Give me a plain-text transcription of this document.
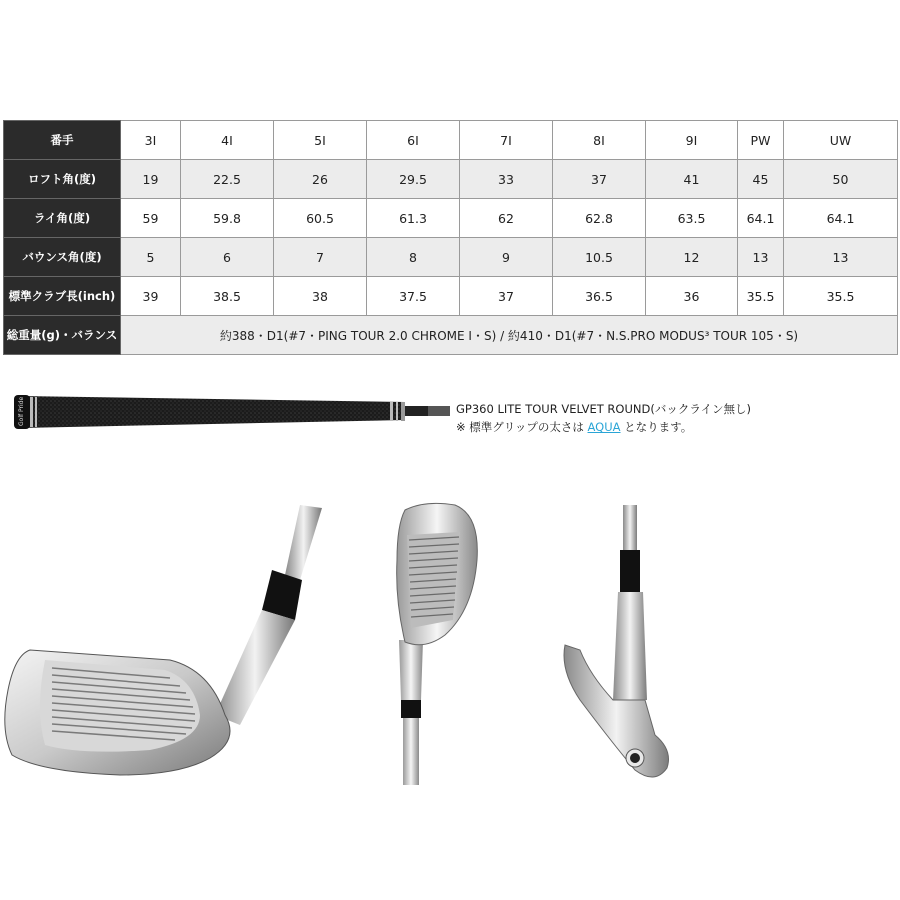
番手	3I	4I	5I	6I	7I	8I	9I	PW	UW
ロフト角(度)	19	22.5	26	29.5	33	37	41	45	50
ライ角(度)	59	59.8	60.5	61.3	62	62.8	63.5	64.1	64.1
バウンス角(度)	5	6	7	8	9	10.5	12	13	13
標準クラブ長(inch)	39	38.5	38	37.5	37	36.5	36	35.5	35.5
総重量(g)・バランス	約388・D1(#7・PING TOUR 2.0 CHROME I・S) / 約410・D1(#7・N.S.PRO MODUS³ TOUR 105・S)								
Golf Pride	GP360 LITE TOUR VELVET ROUND(バックライン無し)
※ 標準グリップの太さは AQUA となります。
